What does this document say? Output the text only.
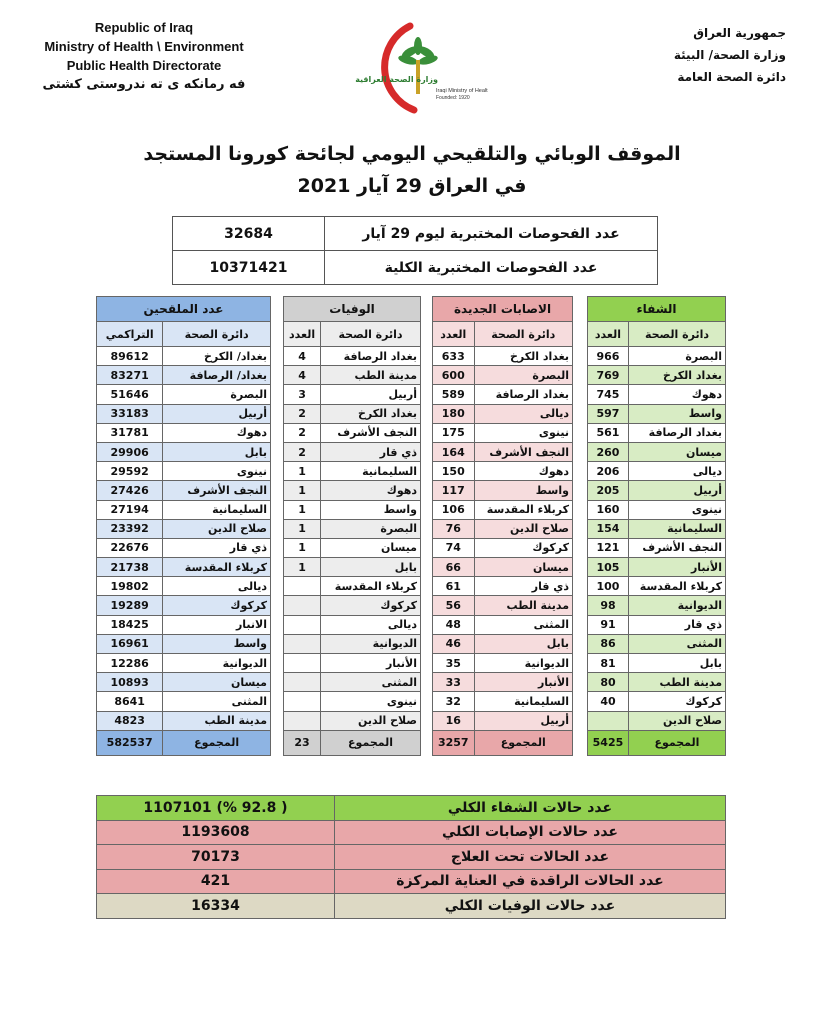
Republic of Iraq
Ministry of Health \ Environment
Public Health Directorate
فه رمانكه ى ته ندروستى كشتى	وزارة الصحة العراقية
Iraqi Ministry of Health
Founded: 1920
جمهورية العراق
وزارة الصحة/ البيئة
دائرة الصحة العامة
الموقف الوبائي والتلقيحي اليومي لجائحة كورونا المستجد
في العراق 29 آيار 2021
عدد الفحوصات المختبرية ليوم 29 آيار	32684
عدد الفحوصات المختبرية الكلية	10371421
الشفاء	
دائرة الصحة	العدد
البصرة	966
بغداد الكرخ	769
دهوك	745
واسط	597
بغداد الرصافة	561
ميسان	260
ديالى	206
أربيل	205
نينوى	160
السليمانية	154
النجف الأشرف	121
الأنبار	105
كربلاء المقدسة	100
الديوانية	98
ذي قار	91
المثنى	86
بابل	81
مدينة الطب	80
كركوك	40
صلاح الدين	
المجموع	5425
الاصابات الجديدة	
دائرة الصحة	العدد
بغداد الكرخ	633
البصرة	600
بغداد الرصافة	589
ديالى	180
نينوى	175
النجف الأشرف	164
دهوك	150
واسط	117
كربلاء المقدسة	106
صلاح الدين	76
كركوك	74
ميسان	66
ذي قار	61
مدينة الطب	56
المثنى	48
بابل	46
الديوانية	35
الأنبار	33
السليمانية	32
أربيل	16
المجموع	3257
الوفيات	
دائرة الصحة	العدد
بغداد الرصافة	4
مدينة الطب	4
أربيل	3
بغداد الكرخ	2
النجف الأشرف	2
ذي قار	2
السليمانية	1
دهوك	1
واسط	1
البصرة	1
ميسان	1
بابل	1
كربلاء المقدسة	
كركوك	
ديالى	
الديوانية	
الأنبار	
المثنى	
نينوى	
صلاح الدين	
المجموع	23
عدد الملقحين	
دائرة الصحة	التراكمي
بغداد/ الكرخ	89612
بغداد/ الرصافة	83271
البصرة	51646
أربيل	33183
دهوك	31781
بابل	29906
نينوى	29592
النجف الأشرف	27426
السليمانية	27194
صلاح الدين	23392
ذي قار	22676
كربلاء المقدسة	21738
ديالى	19802
كركوك	19289
الانبار	18425
واسط	16961
الديوانية	12286
ميسان	10893
المثنى	8641
مدينة الطب	4823
المجموع	582537
عدد حالات الشفاء الكلي	1107101 (% 92.8 )
عدد حالات الإصابات الكلي	1193608
عدد الحالات تحت العلاج	70173
عدد الحالات الراقدة في العناية المركزة	421
عدد حالات الوفيات الكلي	16334
